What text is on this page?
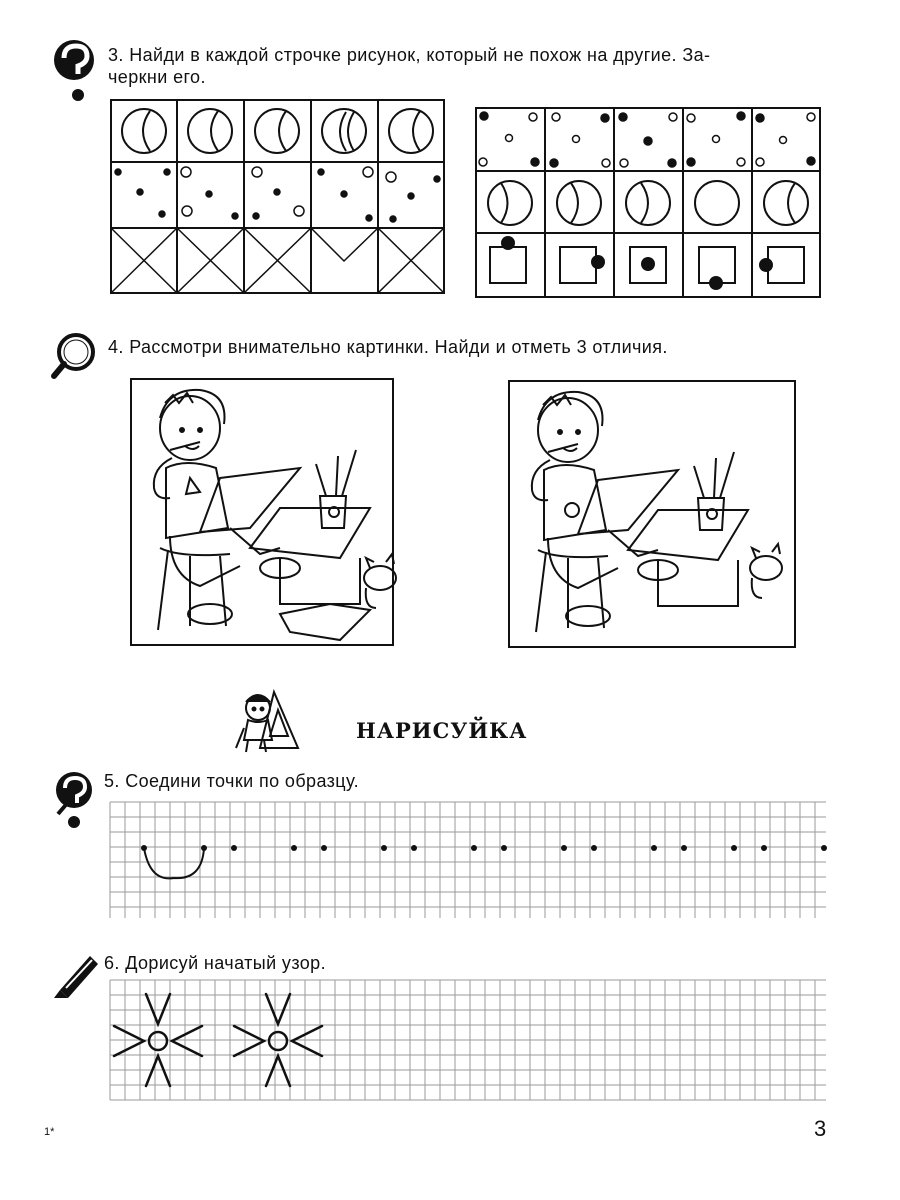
3. Найди в каждой строчке рисунок, который не похож на другие. За-
черкни его.
4. Рассмотри внимательно картинки. Найди и отметь 3 отличия.
НАРИСУЙКА
5. Соедини точки по образцу.
6. Дорисуй начатый узор.
1*	3
